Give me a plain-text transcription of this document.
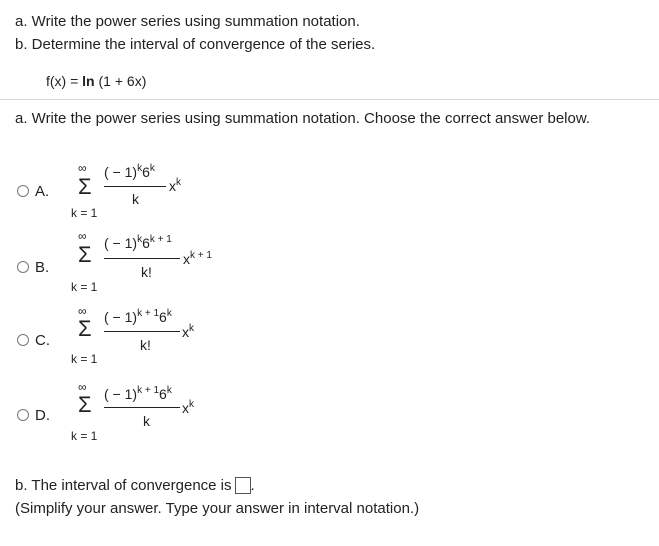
a. Write the power series using summation notation.
b. Determine the interval of convergence of the series.
f(x) = ln (1 + 6x)
a. Write the power series using summation notation. Choose the correct answer below.
A.
∞
Σ
k = 1
( − $1)^k6^k$
k
$x^k$
B.
∞
Σ
k = 1
( − $1)^k6^{k + 1}$
k!
$x^{k + 1}$
C.
∞
Σ
k = 1
( − $1)^{k + 1}6^k$
k!
$x^k$
D.
∞
Σ
k = 1
( − $1)^{k + 1}6^k$
k
$x^k$
b. The interval of convergence is .
(Simplify your answer. Type your answer in interval notation.)
